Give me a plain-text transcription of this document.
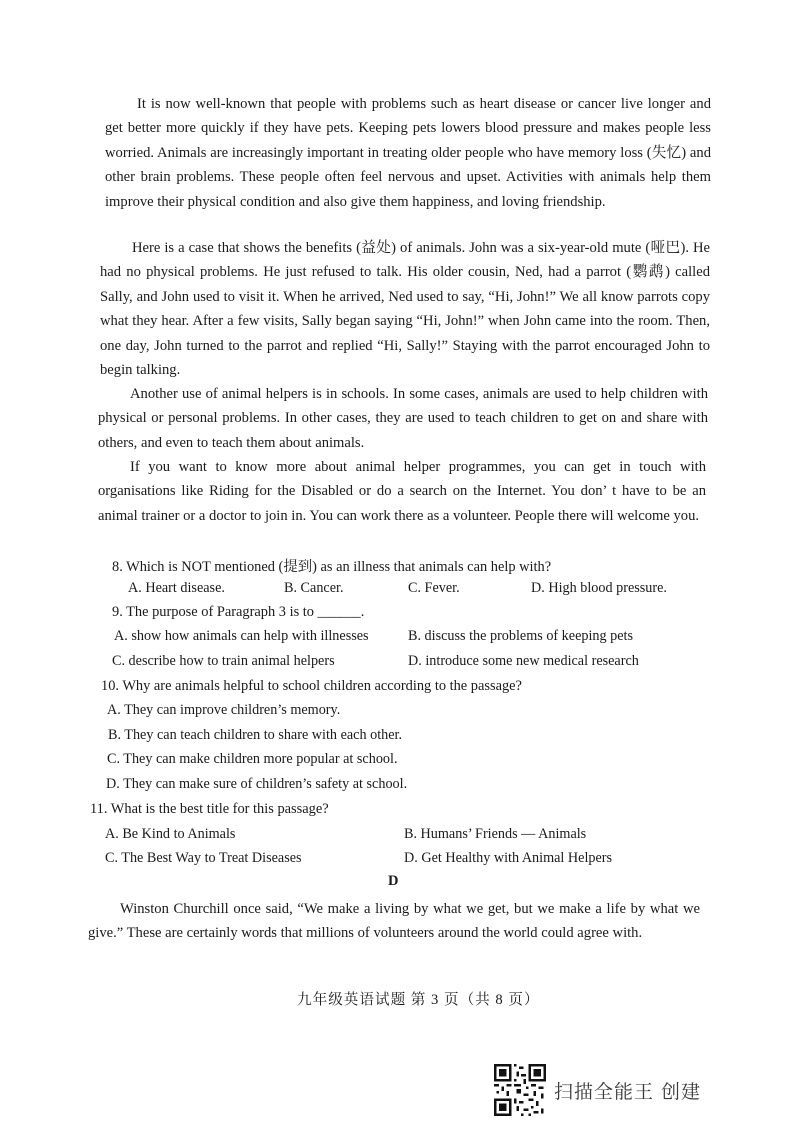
It is now well-known that people with problems such as heart disease or cancer live longer and get better more quickly if they have pets. Keeping pets lowers blood pressure and makes people less worried. Animals are increasingly important in treating older people who have memory loss (失忆) and other brain problems. These people often feel nervous and upset. Activities with animals help them improve their physical condition and also give them happiness, and loving friendship.

Here is a case that shows the benefits (益处) of animals. John was a six-year-old mute (哑巴). He had no physical problems. He just refused to talk. His older cousin, Ned, had a parrot (鹦鹉) called Sally, and John used to visit it. When he arrived, Ned used to say, “Hi, John!” We all know parrots copy what they hear. After a few visits, Sally began saying “Hi, John!” when John came into the room. Then, one day, John turned to the parrot and replied “Hi, Sally!” Staying with the parrot encouraged John to begin talking.

Another use of animal helpers is in schools. In some cases, animals are used to help children with physical or personal problems. In other cases, they are used to teach children to get on and share with others, and even to teach them about animals.

If you want to know more about animal helper programmes, you can get in touch with organisations like Riding for the Disabled or do a search on the Internet. You don’ t have to be an animal trainer or a doctor to join in. You can work there as a volunteer. People there will welcome you.

8. Which is NOT mentioned (提到) as an illness that animals can help with?
A. Heart disease.	B. Cancer.	C. Fever.	D. High blood pressure.
9. The purpose of Paragraph 3 is to ______.
A. show how animals can help with illnesses	B. discuss the problems of keeping pets
C. describe how to train animal helpers	D. introduce some new medical research
10. Why are animals helpful to school children according to the passage?
A. They can improve children’s memory.
B. They can teach children to share with each other.
C. They can make children more popular at school.
D. They can make sure of children’s safety at school.
11. What is the best title for this passage?
A. Be Kind to Animals	B. Humans’ Friends — Animals
C. The Best Way to Treat Diseases	D. Get Healthy with Animal Helpers
D

Winston Churchill once said, “We make a living by what we get, but we make a life by what we give.” These are certainly words that millions of volunteers around the world could agree with.

九年级英语试题 第 3 页（共 8 页）
扫描全能王 创建
